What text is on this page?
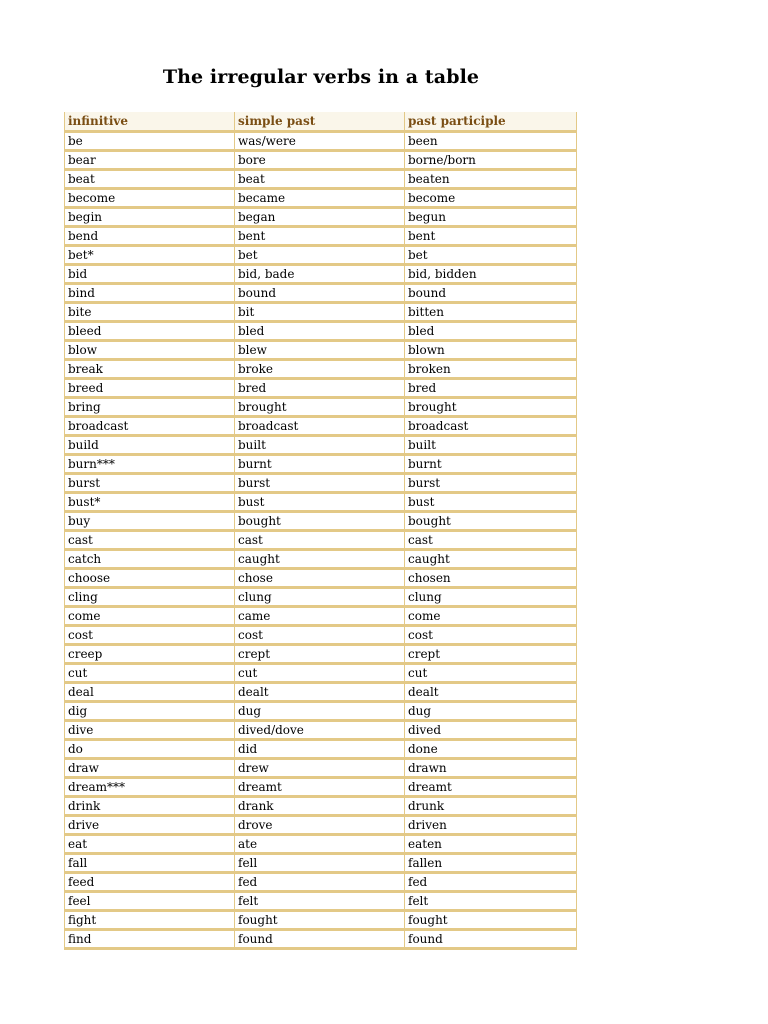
The irregular verbs in a table
infinitive	simple past	past participle
be	was/were	been
bear	bore	borne/born
beat	beat	beaten
become	became	become
begin	began	begun
bend	bent	bent
bet*	bet	bet
bid	bid, bade	bid, bidden
bind	bound	bound
bite	bit	bitten
bleed	bled	bled
blow	blew	blown
break	broke	broken
breed	bred	bred
bring	brought	brought
broadcast	broadcast	broadcast
build	built	built
burn***	burnt	burnt
burst	burst	burst
bust*	bust	bust
buy	bought	bought
cast	cast	cast
catch	caught	caught
choose	chose	chosen
cling	clung	clung
come	came	come
cost	cost	cost
creep	crept	crept
cut	cut	cut
deal	dealt	dealt
dig	dug	dug
dive	dived/dove	dived
do	did	done
draw	drew	drawn
dream***	dreamt	dreamt
drink	drank	drunk
drive	drove	driven
eat	ate	eaten
fall	fell	fallen
feed	fed	fed
feel	felt	felt
fight	fought	fought
find	found	found
